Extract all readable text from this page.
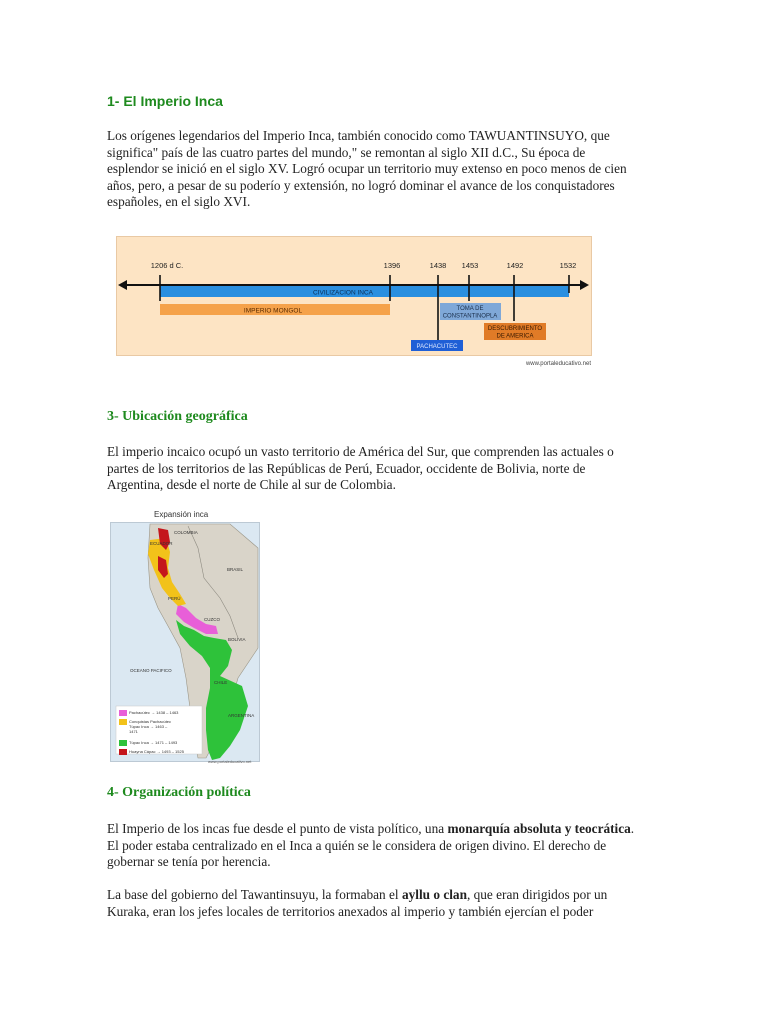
1- El Imperio Inca
Los orígenes legendarios del Imperio Inca, también conocido como TAWUANTINSUYO, que
significa" país de las cuatro partes del mundo," se remontan al siglo XII d.C., Su época de
esplendor se inició en el siglo XV. Logró ocupar un territorio muy extenso en poco menos de cien
años, pero, a pesar de su poderío y extensión, no logró dominar el avance de los conquistadores
españoles, en el siglo XVI.
CIVILIZACION INCA
IMPERIO MONGOL
1206 d C.	1396	1438 1453	1492	1532
TOMA DE
CONSTANTINOPLA
DESCUBRIMIENTO
DE AMERICA
PACHACUTEC
www.portaleducativo.net
3- Ubicación geográfica
El imperio incaico ocupó un vasto territorio de América del Sur, que comprenden las actuales o
partes de los territorios de las Repúblicas de Perú, Ecuador, occidente de Bolivia, norte de
Argentina, desde el norte de Chile al sur de Colombia.
Expansión inca
COLOMBIA
ECUADOR
BRASIL
PERÚ
CUZCO
BOLIVIA
OCEANO PACIFICO
CHILE
ARGENTINA
Pachacútec → 1438 – 1463
Conquistas Pachacútec Túpac Inca → 1463 – 1471
Túpac Inca → 1471 – 1493
Huayna Cápac → 1493 – 1525
www.portaleducativo.net
4- Organización política
El Imperio de los incas fue desde el punto de vista político, una monarquía absoluta y teocrática.
El poder estaba centralizado en el Inca a quién se le considera de origen divino. El derecho de
gobernar se tenía por herencia.
La base del gobierno del Tawantinsuyu, la formaban el ayllu o clan, que eran dirigidos por un
Kuraka, eran los jefes locales de territorios anexados al imperio y también ejercían el poder
